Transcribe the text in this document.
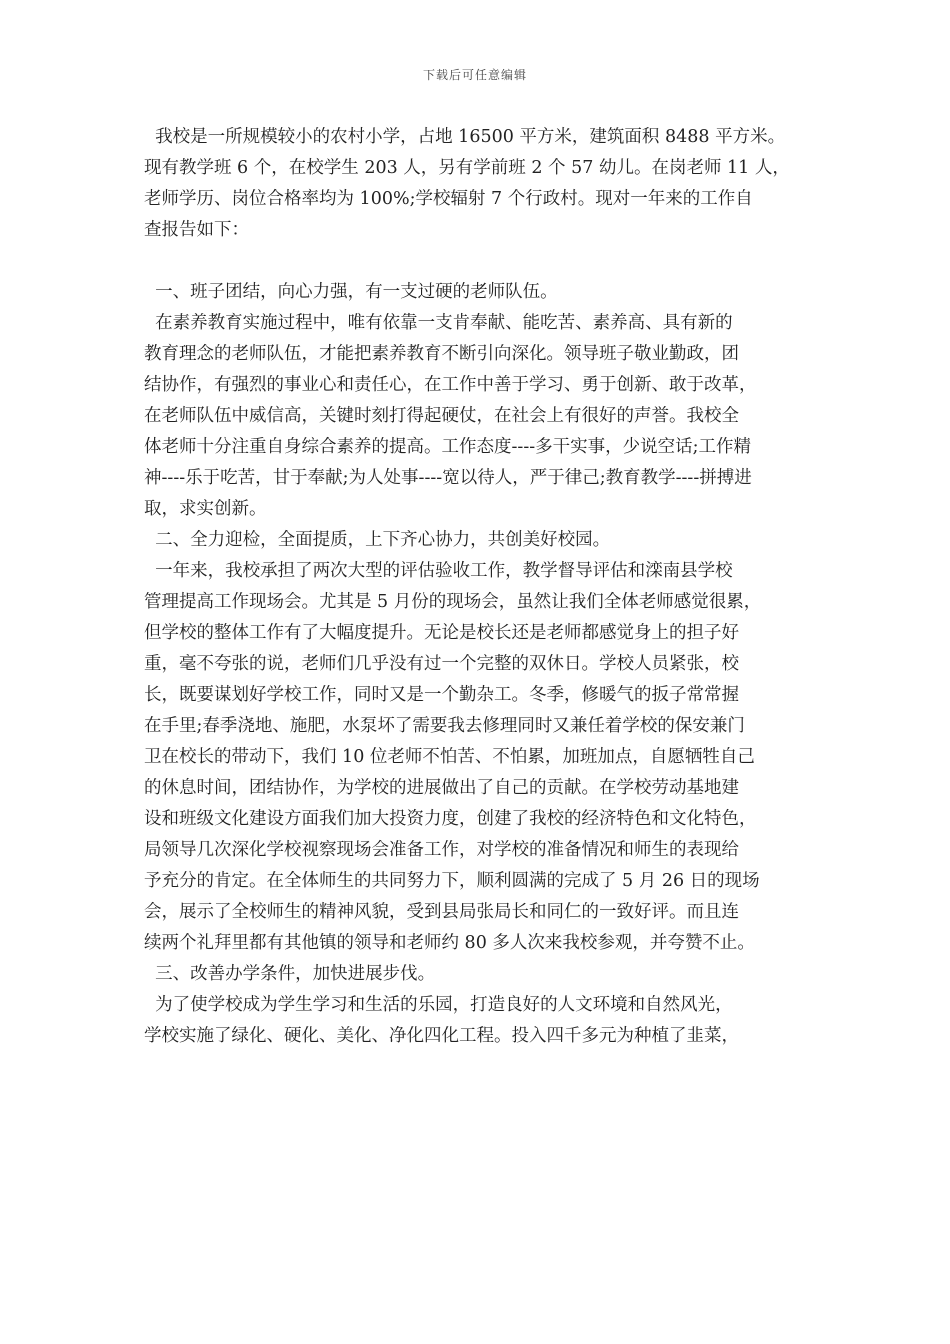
下载后可任意编辑
我校是一所规模较小的农村小学，占地 16500 平方米，建筑面积 8488 平方米。
现有教学班 6 个，在校学生 203 人，另有学前班 2 个 57 幼儿。在岗老师 11 人，
老师学历、岗位合格率均为 100%;学校辐射 7 个行政村。现对一年来的工作自
查报告如下：
一、班子团结，向心力强，有一支过硬的老师队伍。
在素养教育实施过程中，唯有依靠一支肯奉献、能吃苦、素养高、具有新的
教育理念的老师队伍，才能把素养教育不断引向深化。领导班子敬业勤政，团
结协作，有强烈的事业心和责任心，在工作中善于学习、勇于创新、敢于改革，
在老师队伍中威信高，关键时刻打得起硬仗，在社会上有很好的声誉。我校全
体老师十分注重自身综合素养的提高。工作态度----多干实事，少说空话;工作精
神----乐于吃苦，甘于奉献;为人处事----宽以待人，严于律己;教育教学----拼搏进
取，求实创新。
二、全力迎检，全面提质，上下齐心协力，共创美好校园。
一年来，我校承担了两次大型的评估验收工作，教学督导评估和滦南县学校
管理提高工作现场会。尤其是 5 月份的现场会，虽然让我们全体老师感觉很累，
但学校的整体工作有了大幅度提升。无论是校长还是老师都感觉身上的担子好
重，毫不夸张的说，老师们几乎没有过一个完整的双休日。学校人员紧张，校
长，既要谋划好学校工作，同时又是一个勤杂工。冬季，修暖气的扳子常常握
在手里;春季浇地、施肥，水泵坏了需要我去修理同时又兼任着学校的保安兼门
卫在校长的带动下，我们 10 位老师不怕苦、不怕累，加班加点，自愿牺牲自己
的休息时间，团结协作，为学校的进展做出了自己的贡献。在学校劳动基地建
设和班级文化建设方面我们加大投资力度，创建了我校的经济特色和文化特色，
局领导几次深化学校视察现场会准备工作，对学校的准备情况和师生的表现给
予充分的肯定。在全体师生的共同努力下，顺利圆满的完成了 5 月 26 日的现场
会，展示了全校师生的精神风貌，受到县局张局长和同仁的一致好评。而且连
续两个礼拜里都有其他镇的领导和老师约 80 多人次来我校参观，并夸赞不止。
三、改善办学条件，加快进展步伐。
为了使学校成为学生学习和生活的乐园，打造良好的人文环境和自然风光，
学校实施了绿化、硬化、美化、净化四化工程。投入四千多元为种植了韭菜，
